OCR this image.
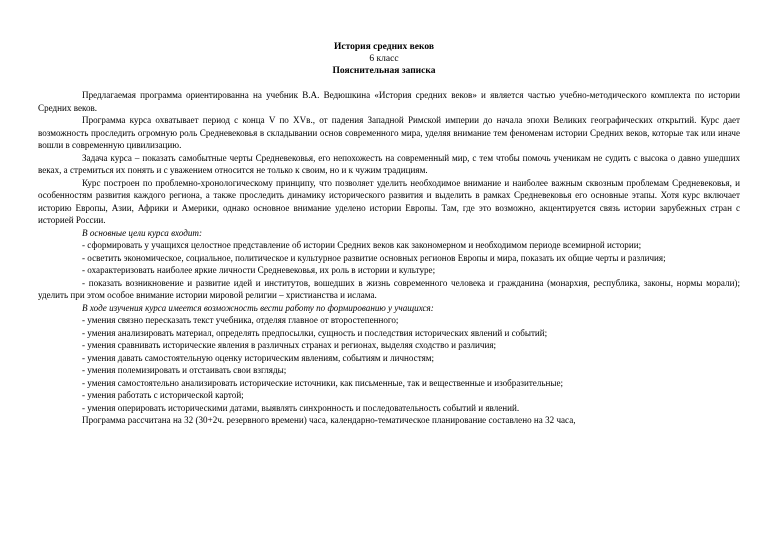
История средних веков
6 класс
Пояснительная записка

Предлагаемая программа ориентированна на учебник В.А. Ведюшкина «История средних веков» и является частью учебно-методического комплекта по истории Средних веков.

Программа курса охватывает период с конца V по XVв., от падения Западной Римской империи до начала эпохи Великих географических открытий. Курс дает возможность проследить огромную роль Средневековья в складывании основ современного мира, уделяя внимание тем феноменам истории Средних веков, которые так или иначе вошли в современную цивилизацию.

Задача курса – показать самобытные черты Средневековья, его непохожесть на современный мир, с тем чтобы помочь ученикам не судить с высока о давно ушедших веках, а стремиться их понять и с уважением относится не только к своим, но и к чужим традициям.

Курс построен по проблемно-хронологическому принципу, что позволяет уделить необходимое внимание и наиболее важным сквозным проблемам Средневековья, и особенностям развития каждого региона, а также проследить динамику исторического развития и выделить в рамках Средневековья его основные этапы. Хотя курс включает историю Европы, Азии, Африки и Америки, однако основное внимание уделено истории Европы. Там, где это возможно, акцентируется связь истории зарубежных стран с историей России.

В основные цели курса входит:

- сформировать у учащихся целостное представление об истории Средних веков как закономерном и необходимом периоде всемирной истории;

- осветить экономическое, социальное, политическое и культурное развитие основных регионов Европы и мира, показать их общие черты и различия;

- охарактеризовать наиболее яркие личности Средневековья, их роль в истории и культуре;

- показать возникновение и развитие идей и институтов, вошедших в жизнь современного человека и гражданина (монархия, республика, законы, нормы морали); уделить при этом особое внимание истории мировой религии – христианства и ислама.

В ходе изучения курса имеется возможность вести работу по формированию у учащихся:

- умения связно пересказать текст учебника, отделяя главное от второстепенного;

- умения анализировать материал, определять предпосылки, сущность и последствия исторических явлений и событий;

- умения сравнивать исторические явления в различных странах и регионах, выделяя сходство и различия;

- умения давать самостоятельную оценку историческим явлениям, событиям и личностям;

- умения полемизировать и отстаивать свои взгляды;

- умения самостоятельно анализировать исторические источники, как письменные, так и вещественные и изобразительные;

- умения работать с исторической картой;

- умения оперировать историческими датами, выявлять синхронность и последовательность событий и явлений.

Программа рассчитана на 32 (30+2ч. резервного времени) часа, календарно-тематическое планирование составлено на 32 часа,
